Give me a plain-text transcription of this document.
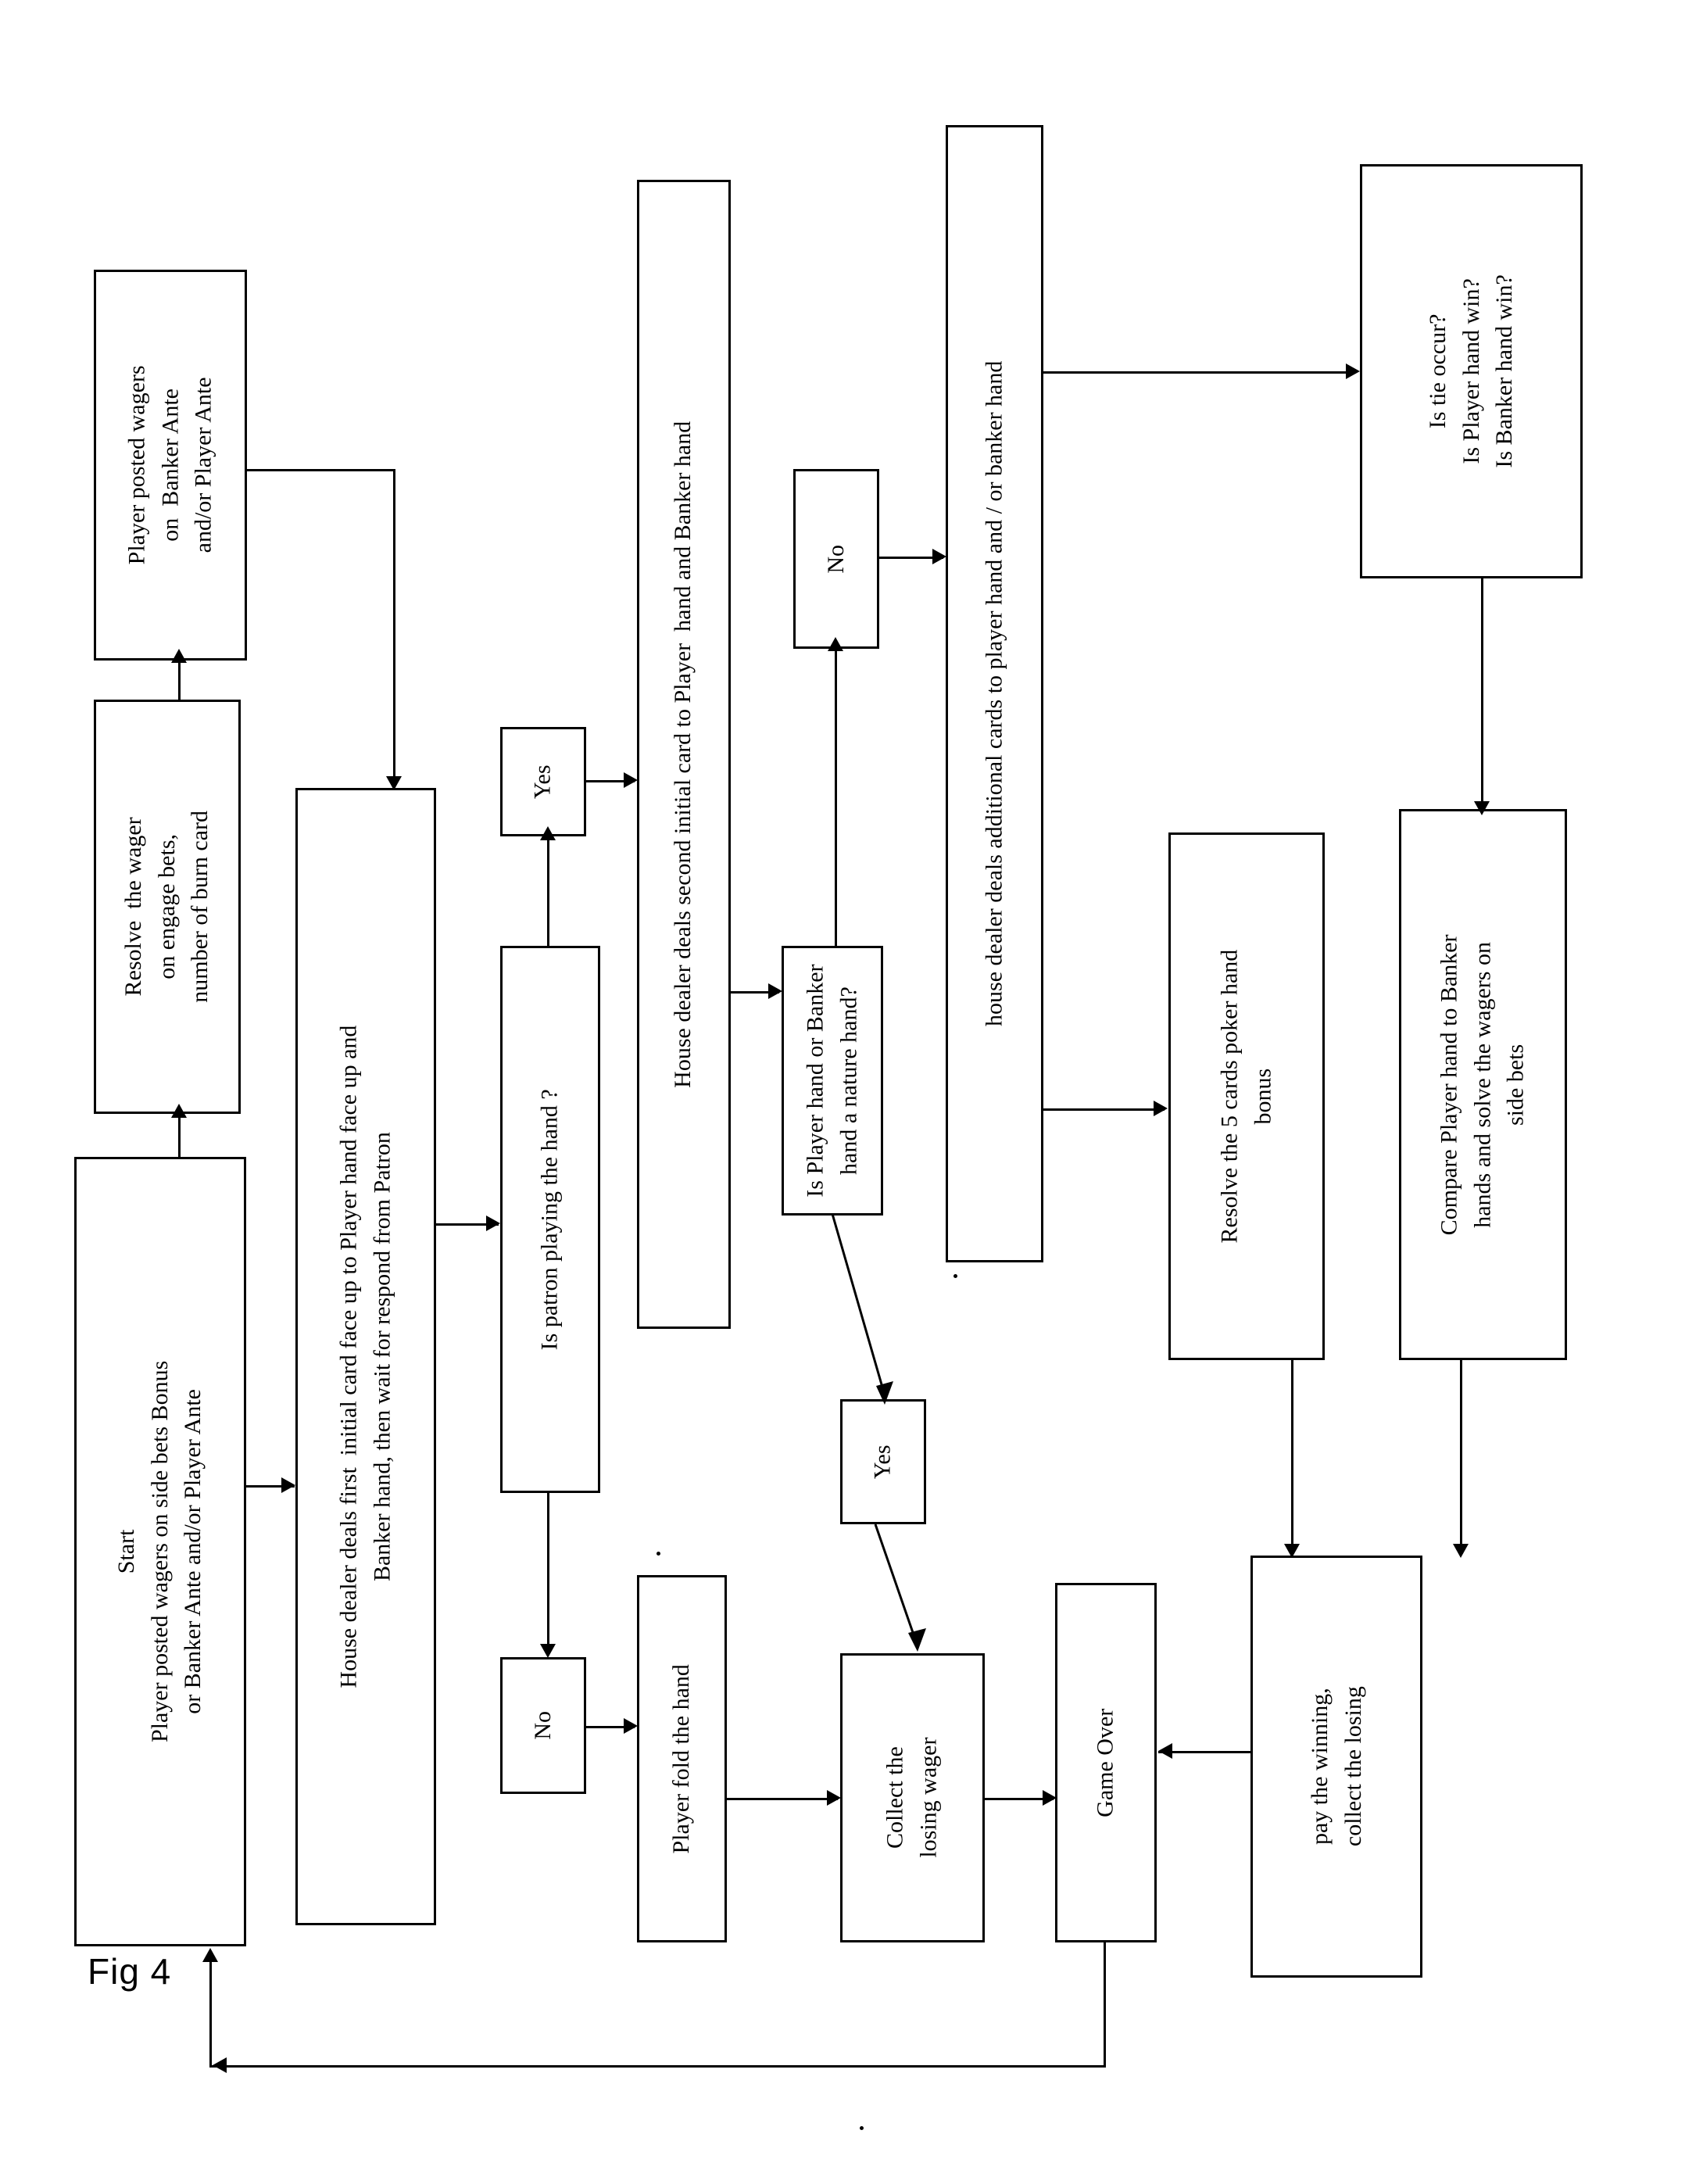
Fig 4
Start
Player posted wagers on side bets Bonus
or Banker Ante and/or Player Ante
Resolve  the wager
on engage bets,
number of burn card
Player posted wagers
on  Banker Ante
and/or Player Ante
House dealer deals first  initial card face up to Player hand face up and
Banker hand, then wait for respond from Patron	Is patron playing the hand ?
Yes
No	Player fold the hand
House dealer deals second initial card to Player  hand and Banker hand
Is Player hand or Banker
hand a nature hand?
No
Yes
Collect the
losing wager
house dealer deals additional cards to player hand and / or banker hand
Resolve the 5 cards poker hand
bonus
Game Over
pay the winning,
collect the losing
Is tie occur?
Is Player hand win?
Is Banker hand win?
Compare Player hand to Banker
hands and solve the wagers on
side bets
